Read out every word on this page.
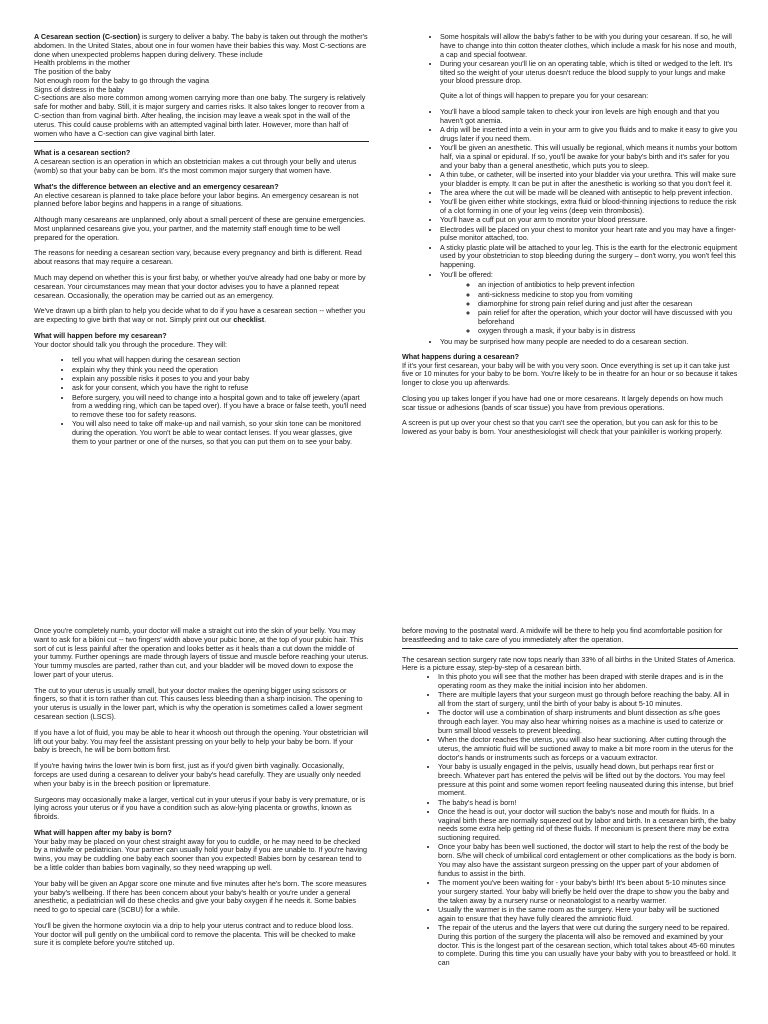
A Cesarean section (C-section) is surgery to deliver a baby. The baby is taken out through the mother's abdomen. In the United States, about one in four women have their babies this way. Most C-sections are done when unexpected problems happen during delivery. These include

Health problems in the mother
The position of the baby
Not enough room for the baby to go through the vagina
Signs of distress in the baby

C-sections are also more common among women carrying more than one baby. The surgery is relatively safe for mother and baby. Still, it is major surgery and carries risks. It also takes longer to recover from a C-section than from vaginal birth. After healing, the incision may leave a weak spot in the wall of the uterus. This could cause problems with an attempted vaginal birth later. However, more than half of women who have a C-section can give vaginal birth later.

What is a cesarean section?

A cesarean section is an operation in which an obstetrician makes a cut through your belly and uterus (womb) so that your baby can be born. It's the most common major surgery that women have.

What's the difference between an elective and an emergency cesarean?

An elective cesarean is planned to take place before your labor begins. An emergency cesarean is not planned before labor begins and happens in a range of situations.

Although many cesareans are unplanned, only about a small percent of these are genuine emergencies. Most unplanned cesareans give you, your partner, and the maternity staff enough time to be well prepared for the operation.

The reasons for needing a cesarean section vary, because every pregnancy and birth is different. Read about reasons that may require a cesarean.

Much may depend on whether this is your first baby, or whether you've already had one baby or more by cesarean. Your circumstances may mean that your doctor advises you to have a planned repeat cesarean. Occasionally, the operation may be carried out as an emergency.

We've drawn up a birth plan to help you decide what to do if you have a cesarean section -- whether you are expecting to give birth that way or not. Simply print out our checklist.

What will happen before my cesarean?

Your doctor should talk you through the procedure. They will:

• tell you what will happen during the cesarean section
• explain why they think you need the operation
• explain any possible risks it poses to you and your baby
• ask for your consent, which you have the right to refuse
• Before surgery, you will need to change into a hospital gown and to take off jewelery (apart from a wedding ring, which can be taped over). If you have a brace or false teeth, you'll need to remove these too for safety reasons.
• You will also need to take off make-up and nail varnish, so your skin tone can be monitored during the operation. You won't be able to wear contact lenses. If you wear glasses, give them to your partner or one of the nurses, so that you can put them on to see your baby.
• Some hospitals will allow the baby's father to be with you during your cesarean. If so, he will have to change into thin cotton theater clothes, which include a mask for his nose and mouth, a cap and special footwear.
• During your cesarean you'll lie on an operating table, which is tilted or wedged to the left. It's tilted so the weight of your uterus doesn't reduce the blood supply to your lungs and make your blood pressure drop.

Quite a lot of things will happen to prepare you for your cesarean:

• You'll have a blood sample taken to check your iron levels are high enough and that you haven't got anemia.
• A drip will be inserted into a vein in your arm to give you fluids and to make it easy to give you drugs later if you need them.
• You'll be given an anesthetic. This will usually be regional, which means it numbs your bottom half, via a spinal or epidural. If so, you'll be awake for your baby's birth and it's safer for you and your baby than a general anesthetic, which puts you to sleep.
• A thin tube, or catheter, will be inserted into your bladder via your urethra. This will make sure your bladder is empty. It can be put in after the anesthetic is working so that you don't feel it.
• The area where the cut will be made will be cleaned with antiseptic to help prevent infection.
• You'll be given either white stockings, extra fluid or blood-thinning injections to reduce the risk of a clot forming in one of your leg veins (deep vein thrombosis).
• You'll have a cuff put on your arm to monitor your blood pressure.
• Electrodes will be placed on your chest to monitor your heart rate and you may have a finger-pulse monitor attached, too.
• A sticky plastic plate will be attached to your leg. This is the earth for the electronic equipment used by your obstetrician to stop bleeding during the surgery – don't worry, you won't feel this happening.
• You'll be offered:
◦ an injection of antibiotics to help prevent infection
◦ anti-sickness medicine to stop you from vomiting
◦ diamorphine for strong pain relief during and just after the cesarean
◦ pain relief for after the operation, which your doctor will have discussed with you beforehand
◦ oxygen through a mask, if your baby is in distress
• You may be surprised how many people are needed to do a cesarean section.
What happens during a cesarean?

If it's your first cesarean, your baby will be with you very soon. Once everything is set up it can take just five or 10 minutes for your baby to be born. You're likely to be in theatre for an hour or so because it takes longer to close you up afterwards.

Closing you up takes longer if you have had one or more cesareans. It largely depends on how much scar tissue or adhesions (bands of scar tissue) you have from previous operations.

A screen is put up over your chest so that you can't see the operation, but you can ask for this to be lowered as your baby is born. Your anesthesiologist will check that your painkiller is working properly.

Once you're completely numb, your doctor will make a straight cut into the skin of your belly. You may want to ask for a bikini cut -- two fingers' width above your pubic bone, at the top of your pubic hair. This sort of cut is less painful after the operation and looks better as it heals than a cut down the middle of your tummy. Further openings are made through layers of tissue and muscle before reaching your uterus. Your tummy muscles are parted, rather than cut, and your bladder will be moved down to expose the lower part of your uterus.

The cut to your uterus is usually small, but your doctor makes the opening bigger using scissors or fingers, so that it is torn rather than cut. This causes less bleeding than a sharp incision. The opening to your uterus is usually in the lower part, which is why the operation is sometimes called a lower segment cesarean section (LSCS).

If you have a lot of fluid, you may be able to hear it whoosh out through the opening. Your obstetrician will lift out your baby. You may feel the assistant pressing on your belly to help your baby be born. If your baby is breech, he will be born bottom first.

If you're having twins the lower twin is born first, just as if you'd given birth vaginally. Occasionally, forceps are used during a cesarean to deliver your baby's head carefully. They are usually only needed when your baby is in the breech position or lipremature.

Surgeons may occasionally make a larger, vertical cut in your uterus if your baby is very premature, or is lying across your uterus or if you have a condition such as alow-lying placenta or growths, known as fibroids.

What will happen after my baby is born?

Your baby may be placed on your chest straight away for you to cuddle, or he may need to be checked by a midwife or pediatrician. Your partner can usually hold your baby if you are unable to. If you're having twins, you may be cuddling one baby each sooner than you expected! Babies born by cesarean tend to be a little colder than babies born vaginally, so they need wrapping up well.

Your baby will be given an Apgar score one minute and five minutes after he's born. The score measures your baby's wellbeing. If there has been concern about your baby's health or you're under a general anesthetic, a pediatrician will do these checks and give your baby oxygen if he needs it. Some babies need to go to special care (SCBU) for a while.

You'll be given the hormone oxytocin via a drip to help your uterus contract and to reduce blood loss. Your doctor will pull gently on the umbilical cord to remove the placenta. This will be checked to make sure it is complete before you're stitched up.

before moving to the postnatal ward. A midwife will be there to help you find acomfortable position for breastfeeding and to take care of you immediately after the operation.

The cesarean section surgery rate now tops nearly than 33% of all births in the United States of America. Here is a picture essay, step-by-step of a cesarean birth.

• In this photo you will see that the mother has been draped with sterile drapes and is in the operating room as they make the initial incision into her abdomen.
• There are multiple layers that your surgeon must go through before reaching the baby. All in all from the start of surgery, until the birth of your baby is about 5-10 minutes.
• The doctor will use a combination of sharp instruments and blunt dissection as s/he goes through each layer. You may also hear whirring noises as a machine is used to caterize or burn small blood vessels to prevent bleeding.
• When the doctor reaches the uterus, you will also hear suctioning. After cutting through the uterus, the amniotic fluid will be suctioned away to make a bit more room in the uterus for the doctor's hands or instruments such as forceps or a vacuum extractor.
• Your baby is usually engaged in the pelvis, usually head down, but perhaps rear first or breech. Whatever part has entered the pelvis will be lifted out by the doctors. You may feel pressure at this point and some women report feeling nauseated during this intense, but brief moment.
• The baby's head is born!
• Once the head is out, your doctor will suction the baby's nose and mouth for fluids. In a vaginal birth these are normally squeezed out by labor and birth. In a cesarean birth, the baby needs some extra help getting rid of these fluids. If meconium is present there may be extra suctioning required.
• Once your baby has been well suctioned, the doctor will start to help the rest of the body be born. S/he will check of umbilical cord entaglement or other complications as the body is born. You may also have the assistant surgeon pressing on the upper part of your abdomen of fundus to assist in the birth.
• The moment you've been waiting for - your baby's birth! It's been about 5-10 minutes since your surgery started. Your baby will briefly be held over the drape to show you the baby and the taken away by a nursery nurse or neonatologist to a nearby warmer.
• Usually the warmer is in the same room as the surgery. Here your baby will be suctioned again to ensure that they have fully cleared the amniotic fluid.
• The repair of the uterus and the layers that were cut during the surgery need to be repaired. During this portion of the surgery the placenta will also be removed and examined by your doctor. This is the longest part of the cesarean section, which total takes about 45-60 minutes to complete. During this time you can usually have your baby with you to breastfeed or hold. It can
